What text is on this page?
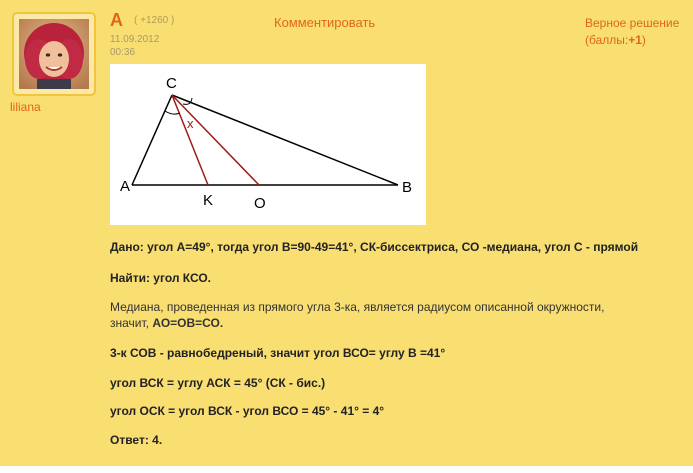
liliana
А ( +1260 )
11.09.2012
00:36
Комментировать	Верное решение
(баллы:+1)
C
A	B
K	O
x
Дано: угол А=49°, тогда угол В=90-49=41°, СК-биссектриса, СО -медиана, угол С - прямой
Найти: угол КСО.
Медиана, проведенная из прямого угла 3-ка, является радиусом описанной окружности,
значит, АО=ОВ=СО.
3-к СОВ - равнобедреный, значит угол ВСО= углу В =41°
угол ВСК = углу АСК = 45° (СК - бис.)
угол ОСК = угол ВСК - угол ВСО = 45° - 41° = 4°
Ответ: 4.
